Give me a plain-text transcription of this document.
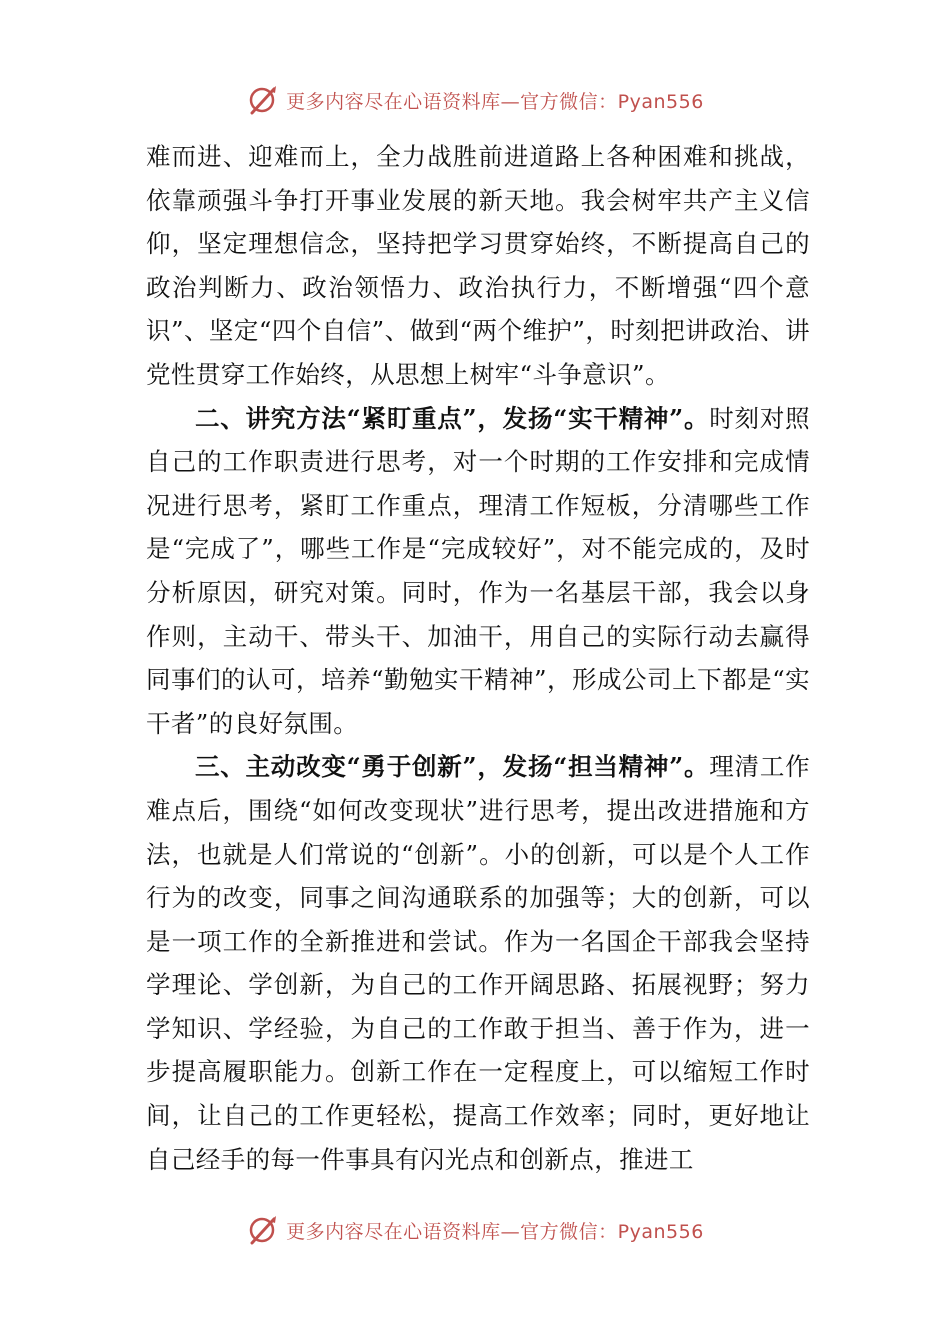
更多内容尽在心语资料库—官方微信：Pyan556

难而进、迎难而上，全力战胜前进道路上各种困难和挑战，依靠顽强斗争打开事业发展的新天地。我会树牢共产主义信仰，坚定理想信念，坚持把学习贯穿始终，不断提高自己的政治判断力、政治领悟力、政治执行力，不断增强“四个意识”、坚定“四个自信”、做到“两个维护”，时刻把讲政治、讲党性贯穿工作始终，从思想上树牢“斗争意识”。

二、讲究方法“紧盯重点”，发扬“实干精神”。时刻对照自己的工作职责进行思考，对一个时期的工作安排和完成情况进行思考，紧盯工作重点，理清工作短板，分清哪些工作是“完成了”，哪些工作是“完成较好”，对不能完成的，及时分析原因，研究对策。同时，作为一名基层干部，我会以身作则，主动干、带头干、加油干，用自己的实际行动去赢得同事们的认可，培养“勤勉实干精神”，形成公司上下都是“实干者”的良好氛围。

三、主动改变“勇于创新”，发扬“担当精神”。理清工作难点后，围绕“如何改变现状”进行思考，提出改进措施和方法，也就是人们常说的“创新”。小的创新，可以是个人工作行为的改变，同事之间沟通联系的加强等；大的创新，可以是一项工作的全新推进和尝试。作为一名国企干部我会坚持学理论、学创新，为自己的工作开阔思路、拓展视野；努力学知识、学经验，为自己的工作敢于担当、善于作为，进一步提高履职能力。创新工作在一定程度上，可以缩短工作时间，让自己的工作更轻松，提高工作效率；同时，更好地让自己经手的每一件事具有闪光点和创新点，推进工

更多内容尽在心语资料库—官方微信：Pyan556
